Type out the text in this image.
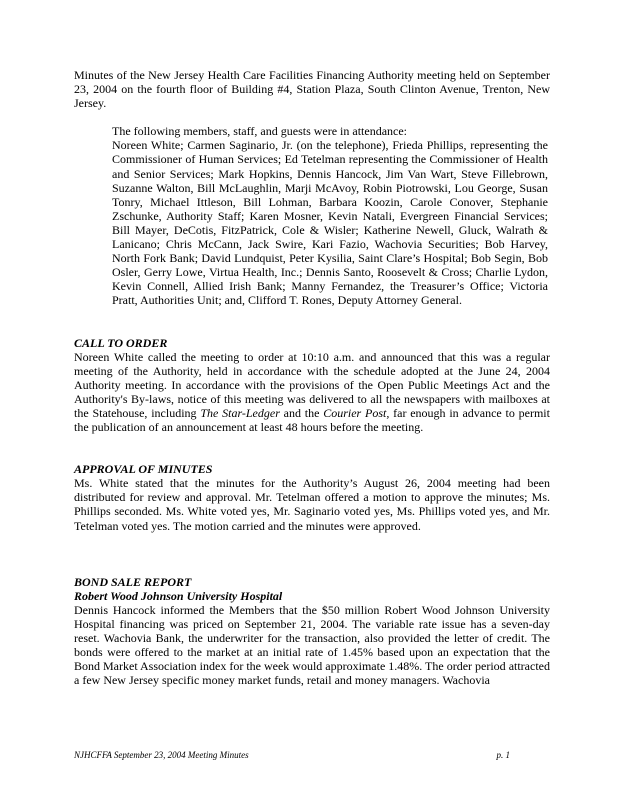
Minutes of the New Jersey Health Care Facilities Financing Authority meeting held on September 23, 2004 on the fourth floor of Building #4, Station Plaza, South Clinton Avenue, Trenton, New Jersey.

The following members, staff, and guests were in attendance:

Noreen White; Carmen Saginario, Jr. (on the telephone), Frieda Phillips, representing the Commissioner of Human Services; Ed Tetelman representing the Commissioner of Health and Senior Services; Mark Hopkins, Dennis Hancock, Jim Van Wart, Steve Fillebrown, Suzanne Walton, Bill McLaughlin, Marji McAvoy, Robin Piotrowski, Lou George, Susan Tonry, Michael Ittleson, Bill Lohman, Barbara Koozin, Carole Conover, Stephanie Zschunke, Authority Staff; Karen Mosner, Kevin Natali, Evergreen Financial Services; Bill Mayer, DeCotis, FitzPatrick, Cole & Wisler; Katherine Newell, Gluck, Walrath & Lanicano; Chris McCann, Jack Swire, Kari Fazio, Wachovia Securities; Bob Harvey, North Fork Bank; David Lundquist, Peter Kysilia, Saint Clare’s Hospital; Bob Segin, Bob Osler, Gerry Lowe, Virtua Health, Inc.; Dennis Santo, Roosevelt & Cross; Charlie Lydon, Kevin Connell, Allied Irish Bank; Manny Fernandez, the Treasurer’s Office; Victoria Pratt, Authorities Unit; and, Clifford T. Rones, Deputy Attorney General.

CALL TO ORDER

Noreen White called the meeting to order at 10:10 a.m. and announced that this was a regular meeting of the Authority, held in accordance with the schedule adopted at the June 24, 2004 Authority meeting. In accordance with the provisions of the Open Public Meetings Act and the Authority's By-laws, notice of this meeting was delivered to all the newspapers with mailboxes at the Statehouse, including The Star-Ledger and the Courier Post, far enough in advance to permit the publication of an announcement at least 48 hours before the meeting.

APPROVAL OF MINUTES

Ms. White stated that the minutes for the Authority’s August 26, 2004 meeting had been distributed for review and approval. Mr. Tetelman offered a motion to approve the minutes; Ms. Phillips seconded. Ms. White voted yes, Mr. Saginario voted yes, Ms. Phillips voted yes, and Mr. Tetelman voted yes. The motion carried and the minutes were approved.

BOND SALE REPORT
Robert Wood Johnson University Hospital

Dennis Hancock informed the Members that the $50 million Robert Wood Johnson University Hospital financing was priced on September 21, 2004. The variable rate issue has a seven-day reset. Wachovia Bank, the underwriter for the transaction, also provided the letter of credit. The bonds were offered to the market at an initial rate of 1.45% based upon an expectation that the Bond Market Association index for the week would approximate 1.48%. The order period attracted a few New Jersey specific money market funds, retail and money managers. Wachovia

NJHCFFA September 23, 2004 Meeting Minutes	p. 1
